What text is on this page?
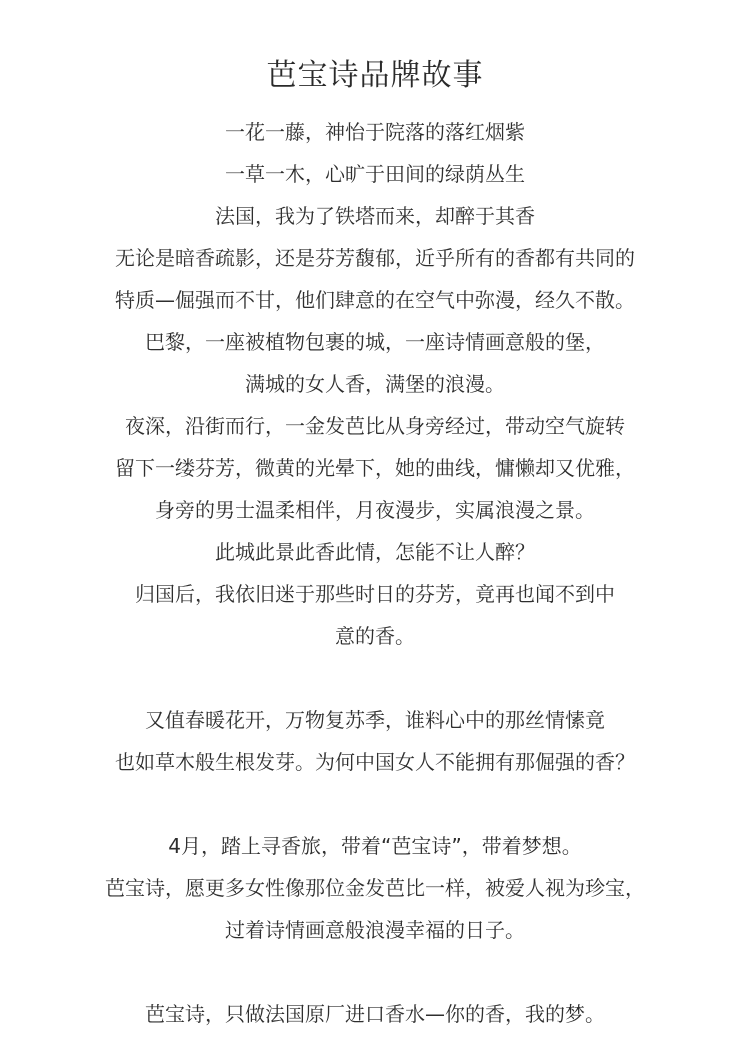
芭宝诗品牌故事
一花一藤，神怡于院落的落红烟紫
一草一木，心旷于田间的绿荫丛生
法国，我为了铁塔而来，却醉于其香
无论是暗香疏影，还是芬芳馥郁，近乎所有的香都有共同的
特质—倔强而不甘，他们肆意的在空气中弥漫，经久不散。
巴黎，一座被植物包裹的城，一座诗情画意般的堡，
满城的女人香，满堡的浪漫。
夜深，沿街而行，一金发芭比从身旁经过，带动空气旋转
留下一缕芬芳，微黄的光晕下，她的曲线，慵懒却又优雅，
身旁的男士温柔相伴，月夜漫步，实属浪漫之景。
此城此景此香此情，怎能不让人醉？
归国后，我依旧迷于那些时日的芬芳，竟再也闻不到中
意的香。
又值春暖花开，万物复苏季，谁料心中的那丝情愫竟
也如草木般生根发芽。为何中国女人不能拥有那倔强的香？
4月，踏上寻香旅，带着“芭宝诗”，带着梦想。
芭宝诗，愿更多女性像那位金发芭比一样，被爱人视为珍宝，
过着诗情画意般浪漫幸福的日子。
芭宝诗，只做法国原厂进口香水—你的香，我的梦。
